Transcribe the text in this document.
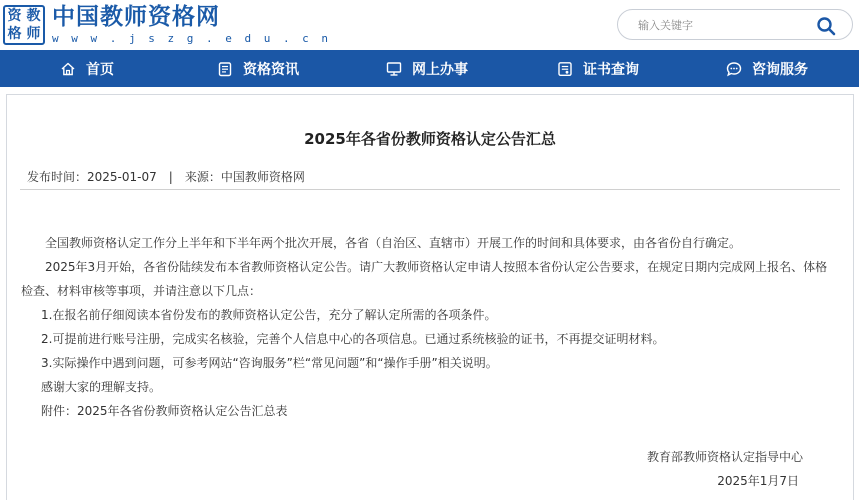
资 教
格 师
中国教师资格网
w w w . j s z g . e d u . c n
输入关键字
首页	资格资讯	网上办事	证书查询	咨询服务
2025年各省份教师资格认定公告汇总
发布时间：2025-01-07 | 来源：中国教师资格网

全国教师资格认定工作分上半年和下半年两个批次开展，各省（自治区、直辖市）开展工作的时间和具体要求，由各省份自行确定。

2025年3月开始，各省份陆续发布本省教师资格认定公告。请广大教师资格认定申请人按照本省份认定公告要求，在规定日期内完成网上报名、体格检查、材料审核等事项，并请注意以下几点：

1.在报名前仔细阅读本省份发布的教师资格认定公告，充分了解认定所需的各项条件。

2.可提前进行账号注册，完成实名核验，完善个人信息中心的各项信息。已通过系统核验的证书，不再提交证明材料。

3.实际操作中遇到问题，可参考网站“咨询服务”栏“常见问题”和“操作手册”相关说明。

感谢大家的理解支持。

附件：2025年各省份教师资格认定公告汇总表

教育部教师资格认定指导中心
2025年1月7日
